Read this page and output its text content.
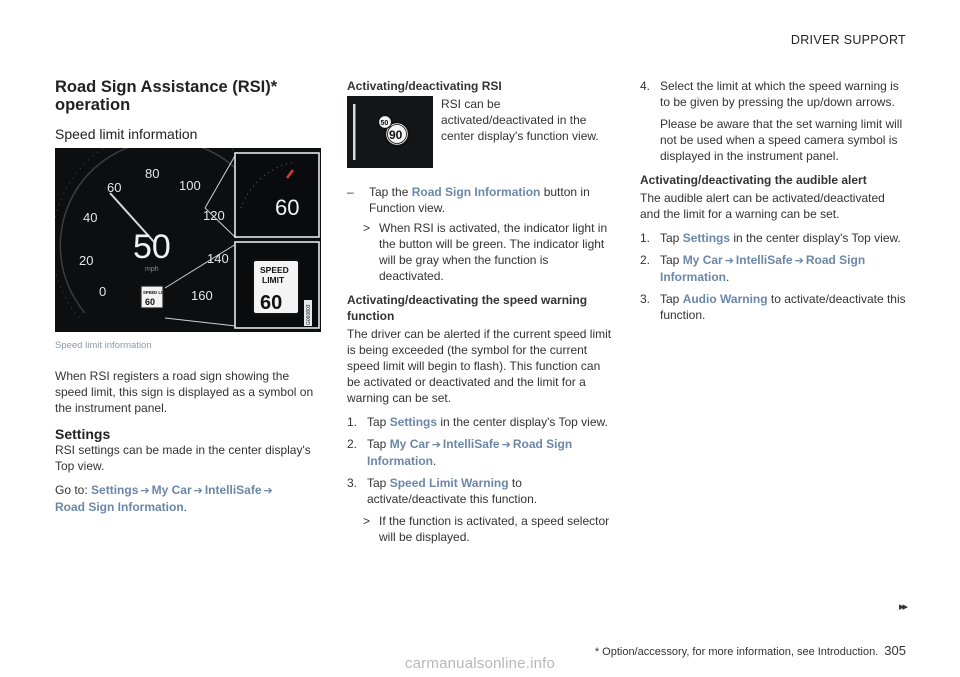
DRIVER SUPPORT
Road Sign Assistance (RSI)* operation
Speed limit information
0
20
40
60
80
100
120
140
160
50
mph
SPEED LIMIT
60
60
SPEED
LIMIT
60
G060803
Speed limit information

When RSI registers a road sign showing the speed limit, this sign is displayed as a symbol on the instrument panel.

Settings

RSI settings can be made in the center display's Top view.

Go to: Settings ➔ My Car ➔ IntelliSafe ➔
Road Sign Information.

Activating/deactivating RSI
90
50

RSI can be activated/deactivated in the center display's function view.

–	Tap the Road Sign Information button in Function view.
> When RSI is activated, the indicator light in the button will be green. The indicator light will be gray when the function is deactivated.
Activating/deactivating the speed warning function

The driver can be alerted if the current speed limit is being exceeded (the symbol for the current speed limit will begin to flash). This function can be activated or deactivated and the limit for a warning can be set.

1. Tap Settings in the center display's Top view.
2. Tap My Car ➔ IntelliSafe ➔ Road Sign Information.
3. Tap Speed Limit Warning to activate/deactivate this function.
> If the function is activated, a speed selector will be displayed.
4. Select the limit at which the speed warning is to be given by pressing the up/down arrows.

Please be aware that the set warning limit will not be used when a speed camera symbol is displayed in the instrument panel.

Activating/deactivating the audible alert

The audible alert can be activated/deactivated and the limit for a warning can be set.

1. Tap Settings in the center display's Top view.
2. Tap My Car ➔ IntelliSafe ➔ Road Sign Information.
3. Tap Audio Warning to activate/deactivate this function.
▸▸
* Option/accessory, for more information, see Introduction. 305
carmanualsonline.info
